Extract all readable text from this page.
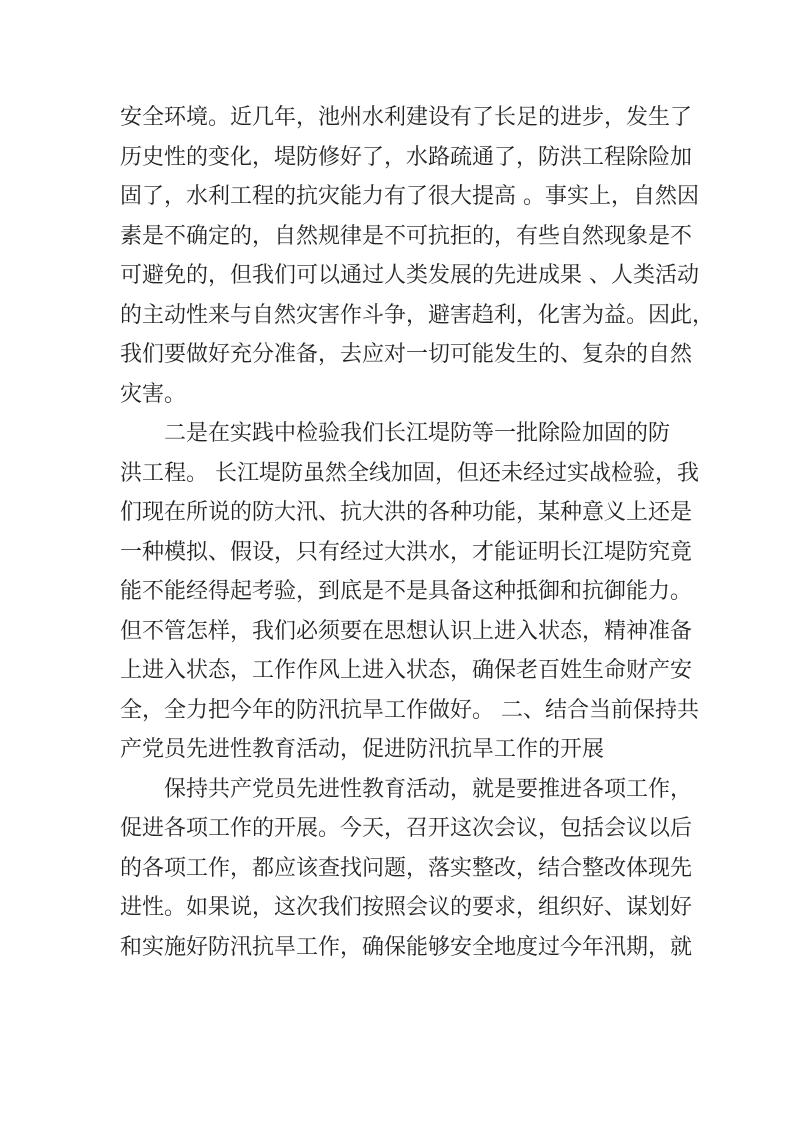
安全环境。近几年，池州水利建设有了长足的进步，发生了
历史性的变化，堤防修好了，水路疏通了，防洪工程除险加
固了，水利工程的抗灾能力有了很大提高 。事实上，自然因
素是不确定的，自然规律是不可抗拒的，有些自然现象是不
可避免的，但我们可以通过人类发展的先进成果 、人类活动
的主动性来与自然灾害作斗争，避害趋利，化害为益。因此，
我们要做好充分准备，去应对一切可能发生的、复杂的自然
灾害。
二是在实践中检验我们长江堤防等一批除险加固的防
洪工程。 长江堤防虽然全线加固，但还未经过实战检验，我
们现在所说的防大汛、抗大洪的各种功能，某种意义上还是
一种模拟、假设，只有经过大洪水，才能证明长江堤防究竟
能不能经得起考验，到底是不是具备这种抵御和抗御能力。
但不管怎样，我们必须要在思想认识上进入状态，精神准备
上进入状态，工作作风上进入状态，确保老百姓生命财产安
全，全力把今年的防汛抗旱工作做好。 二、结合当前保持共
产党员先进性教育活动，促进防汛抗旱工作的开展
保持共产党员先进性教育活动，就是要推进各项工作，
促进各项工作的开展。今天，召开这次会议，包括会议以后
的各项工作，都应该查找问题，落实整改，结合整改体现先
进性。如果说，这次我们按照会议的要求，组织好、谋划好
和实施好防汛抗旱工作，确保能够安全地度过今年汛期，就
